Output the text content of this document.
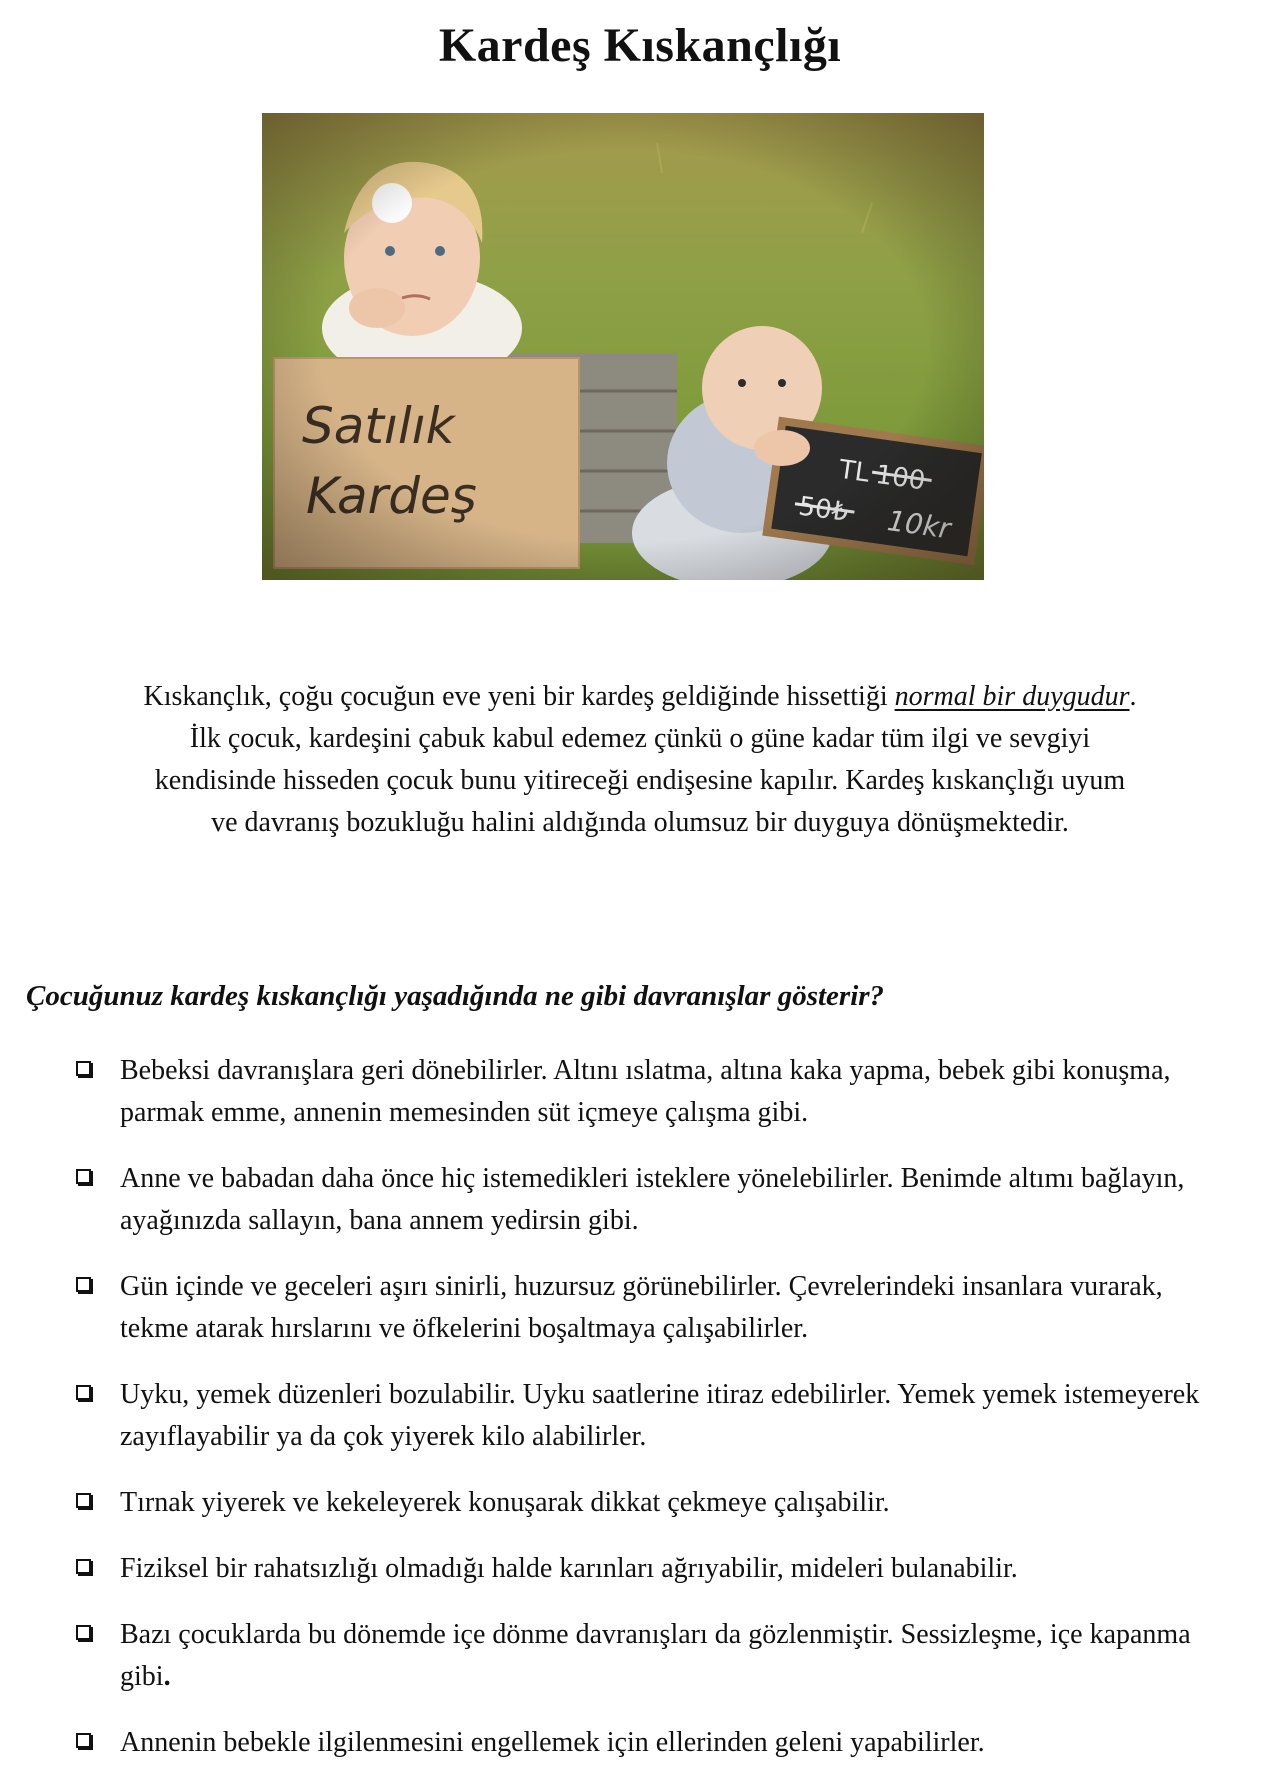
Kardeş Kıskançlığı

Kıskançlık, çoğu çocuğun eve yeni bir kardeş geldiğinde hissettiği normal bir duygudur. İlk çocuk, kardeşini çabuk kabul edemez çünkü o güne kadar tüm ilgi ve sevgiyi kendisinde hisseden çocuk bunu yitireceği endişesine kapılır. Kardeş kıskançlığı uyum ve davranış bozukluğu halini aldığında olumsuz bir duyguya dönüşmektedir.

Çocuğunuz kardeş kıskançlığı yaşadığında ne gibi davranışlar gösterir?
Bebeksi davranışlara geri dönebilirler. Altını ıslatma, altına kaka yapma, bebek gibi konuşma, parmak emme, annenin memesinden süt içmeye çalışma gibi.
Anne ve babadan daha önce hiç istemedikleri isteklere yönelebilirler. Benimde altımı bağlayın, ayağınızda sallayın, bana annem yedirsin gibi.
Gün içinde ve geceleri aşırı sinirli, huzursuz görünebilirler. Çevrelerindeki insanlara vurarak, tekme atarak hırslarını ve öfkelerini boşaltmaya çalışabilirler.
Uyku, yemek düzenleri bozulabilir. Uyku saatlerine itiraz edebilirler. Yemek yemek istemeyerek zayıflayabilir ya da çok yiyerek kilo alabilirler.
Tırnak yiyerek ve kekeleyerek konuşarak dikkat çekmeye çalışabilir.
Fiziksel bir rahatsızlığı olmadığı halde karınları ağrıyabilir, mideleri bulanabilir.
Bazı çocuklarda bu dönemde içe dönme davranışları da gözlenmiştir. Sessizleşme, içe kapanma gibi.
Annenin bebekle ilgilenmesini engellemek için ellerinden geleni yapabilirler.
